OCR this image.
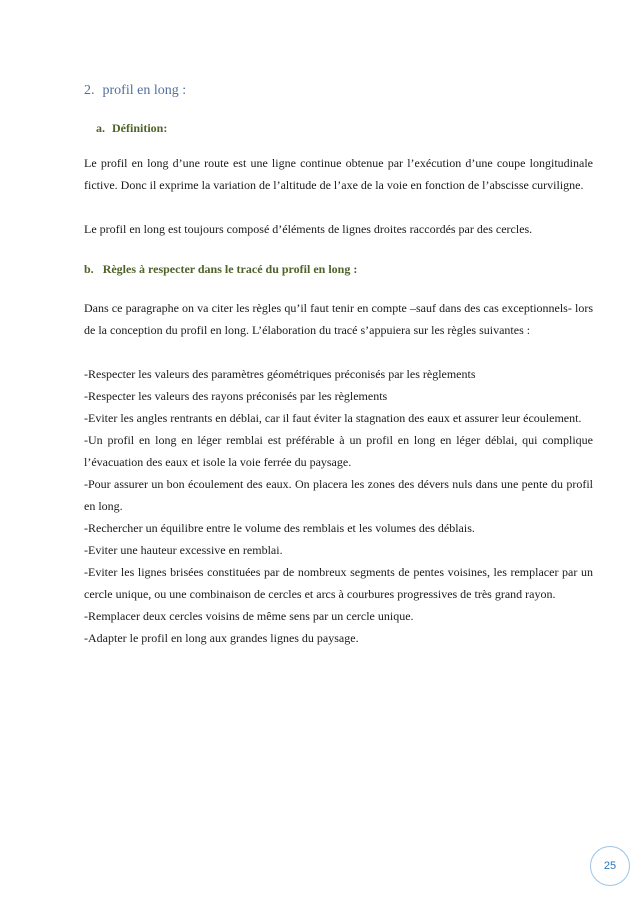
2. profil en long :
a. Définition:

Le profil en long d’une route est une ligne continue obtenue par l’exécution d’une coupe longitudinale fictive. Donc il exprime la variation de l’altitude de l’axe de la voie en fonction de l’abscisse curviligne.

Le profil en long est toujours composé d’éléments de lignes droites raccordés par des cercles.

b. Règles à respecter dans le tracé du profil en long :

Dans ce paragraphe on va citer les règles qu’il faut tenir en compte –sauf dans des cas exceptionnels- lors de la conception du profil en long. L’élaboration du tracé s’appuiera sur les règles suivantes :

-Respecter les valeurs des paramètres géométriques préconisés par les règlements

-Respecter les valeurs des rayons préconisés par les règlements

-Eviter les angles rentrants en déblai, car il faut éviter la stagnation des eaux et assurer leur écoulement.

-Un profil en long en léger remblai est préférable à un profil en long en léger déblai, qui complique l’évacuation des eaux et isole la voie ferrée du paysage.

-Pour assurer un bon écoulement des eaux. On placera les zones des dévers nuls dans une pente du profil en long.

-Rechercher un équilibre entre le volume des remblais et les volumes des déblais.

-Eviter une hauteur excessive en remblai.

-Eviter les lignes brisées constituées par de nombreux segments de pentes voisines, les remplacer par un cercle unique, ou une combinaison de cercles et arcs à courbures progressives de très grand rayon.

-Remplacer deux cercles voisins de même sens par un cercle unique.

-Adapter le profil en long aux grandes lignes du paysage.

25
